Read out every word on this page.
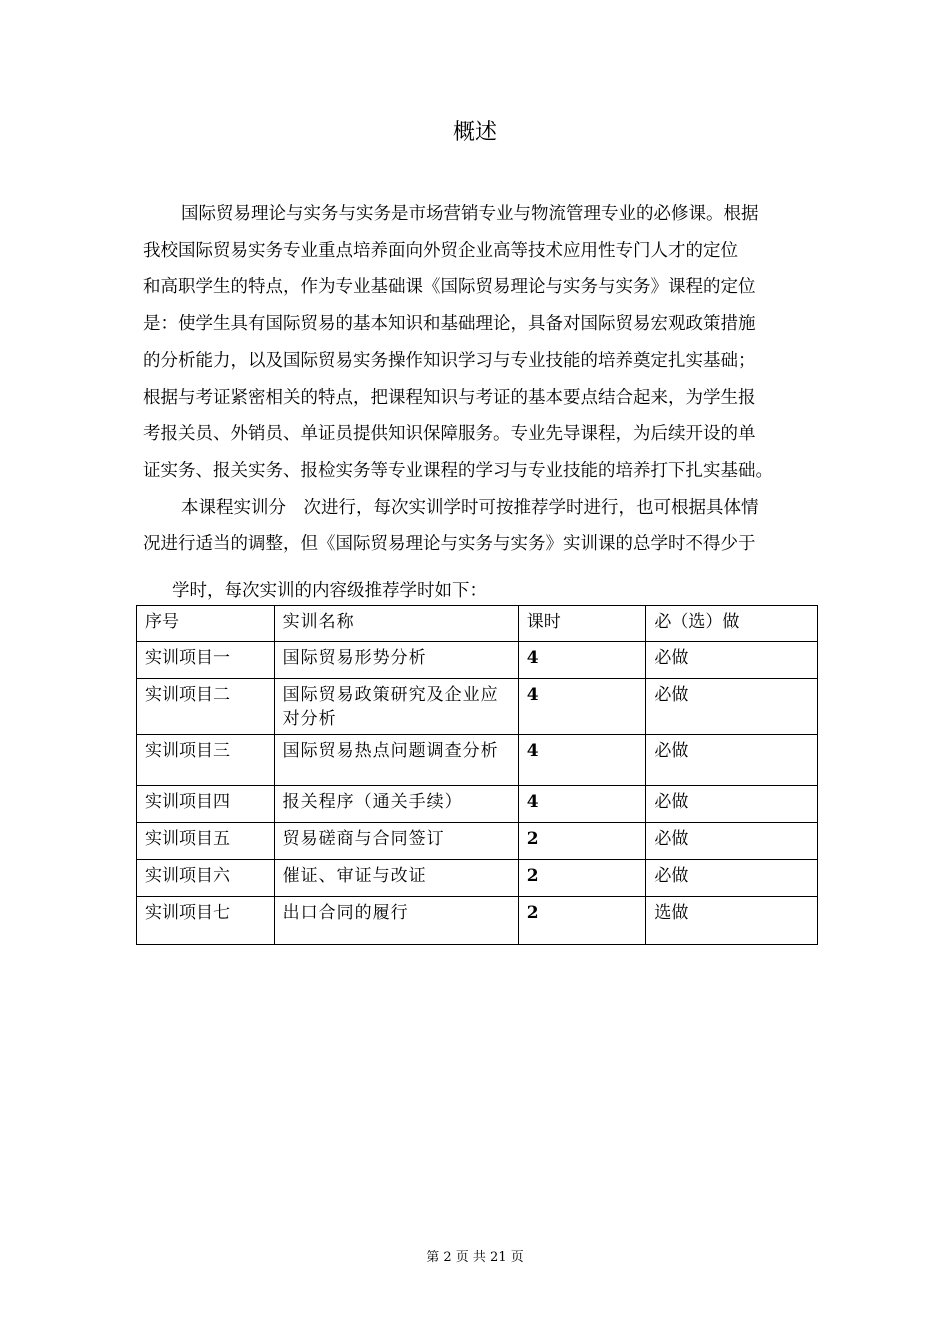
概述

国际贸易理论与实务与实务是市场营销专业与物流管理专业的必修课。根据

我校国际贸易实务专业重点培养面向外贸企业高等技术应用性专门人才的定位

和高职学生的特点，作为专业基础课《国际贸易理论与实务与实务》课程的定位

是：使学生具有国际贸易的基本知识和基础理论，具备对国际贸易宏观政策措施

的分析能力，以及国际贸易实务操作知识学习与专业技能的培养奠定扎实基础；

根据与考证紧密相关的特点，把课程知识与考证的基本要点结合起来，为学生报

考报关员、外销员、单证员提供知识保障服务。专业先导课程，为后续开设的单

证实务、报关实务、报检实务等专业课程的学习与专业技能的培养打下扎实基础。

本课程实训分　次进行，每次实训学时可按推荐学时进行，也可根据具体情

况进行适当的调整，但《国际贸易理论与实务与实务》实训课的总学时不得少于

学时，每次实训的内容级推荐学时如下：
序号	实训名称	课时	必（选）做
实训项目一	国际贸易形势分析	4	必做
实训项目二	国际贸易政策研究及企业应对分析	4	必做
实训项目三	国际贸易热点问题调查分析	4	必做
实训项目四	报关程序（通关手续）	4	必做
实训项目五	贸易磋商与合同签订	2	必做
实训项目六	催证、审证与改证	2	必做
实训项目七	出口合同的履行	2	选做
第 2 页 共 21 页
